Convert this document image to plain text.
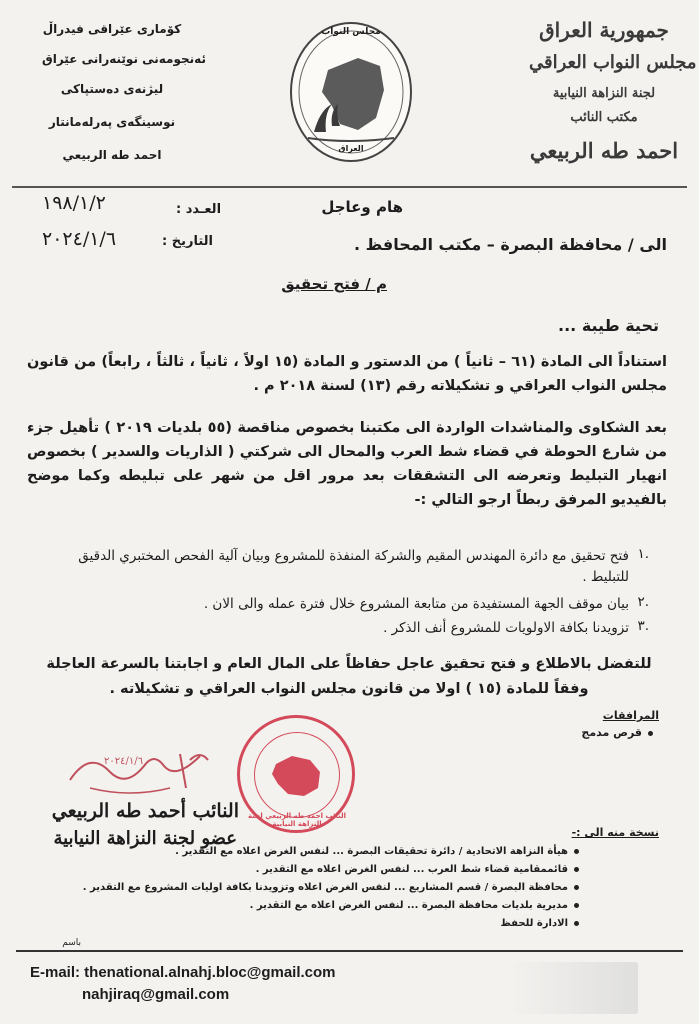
کۆماری عێراقی فیدراڵ
ئەنجومەنی نوێنەرانی عێراق
لیژنەی دەستپاکی
نوسینگەی پەرلەمانتار
احمد طه الربيعي
مجلس النواب
العراق
جمهورية العراق
مجلس النواب العراقي
لجنة النزاهة النيابية
مكتب النائب
احمد طه الربيعي
هام وعاجل
١٩٨/١/٢	العـدد :
٢٠٢٤/١/٦	التاريخ :	الى / محافظة البصرة – مكتب المحافظ .
م / فتح تحقيق
تحية طيبة ...
استناداً الى المادة (٦١ – ثانياً ) من الدستور و المادة (١٥ اولاً ، ثانياً ، ثالثاً ، رابعاً) من قانون مجلس النواب العراقي و تشكيلاته رقم (١٣) لسنة ٢٠١٨ م .
بعد الشكاوى والمناشدات الواردة الى مكتبنا بخصوص مناقصة (٥٥ بلديات ٢٠١٩ ) تأهيل جزء من شارع الحوطة في قضاء شط العرب والمحال الى شركتي ( الذاريات والسدير ) بخصوص انهيار التبليط وتعرضه الى التشققات بعد مرور اقل من شهر على تبليطه وكما موضح بالفيديو المرفق ربطاً ارجو التالي :-
١.
فتح تحقيق مع دائرة المهندس المقيم والشركة المنفذة للمشروع وبيان آلية الفحص المختبري الدقيق للتبليط .
٢.
بيان موقف الجهة المستفيدة من متابعة المشروع خلال فترة عمله والى الان .
٣.
تزويدنا بكافة الاولويات للمشروع أنف الذكر .
للتفضل بالاطلاع و فتح تحقيق عاجل حفاظاً على المال العام و اجابتنا بالسرعة العاجلة وفقاً للمادة (١٥ ) اولا من قانون مجلس النواب العراقي و تشكيلاته .
المرافقات
قرص مدمج
النائب احمد طه الربيعي لجنة النزاهة النيابية
٢٠٢٤/١/٦
النائب أحمد طه الربيعي
عضو لجنة النزاهة النيابية	نسخة منه الى :-
هيأة النزاهة الاتحادية / دائرة تحقيقات البصرة ... لنفس الغرض اعلاه مع التقدير .
قائممقامية قضاء شط العرب ... لنفس الغرض اعلاه مع التقدير .
محافظة البصرة / قسم المشاريع ... لنفس الغرض اعلاه وتزويدنا بكافة اوليات المشروع مع التقدير .
مديرية بلديات محافظة البصرة ... لنفس الغرض اعلاه مع التقدير .
الادارة للحفظ
باسم
E-mail: thenational.alnahj.bloc@gmail.com
nahjiraq@gmail.com
